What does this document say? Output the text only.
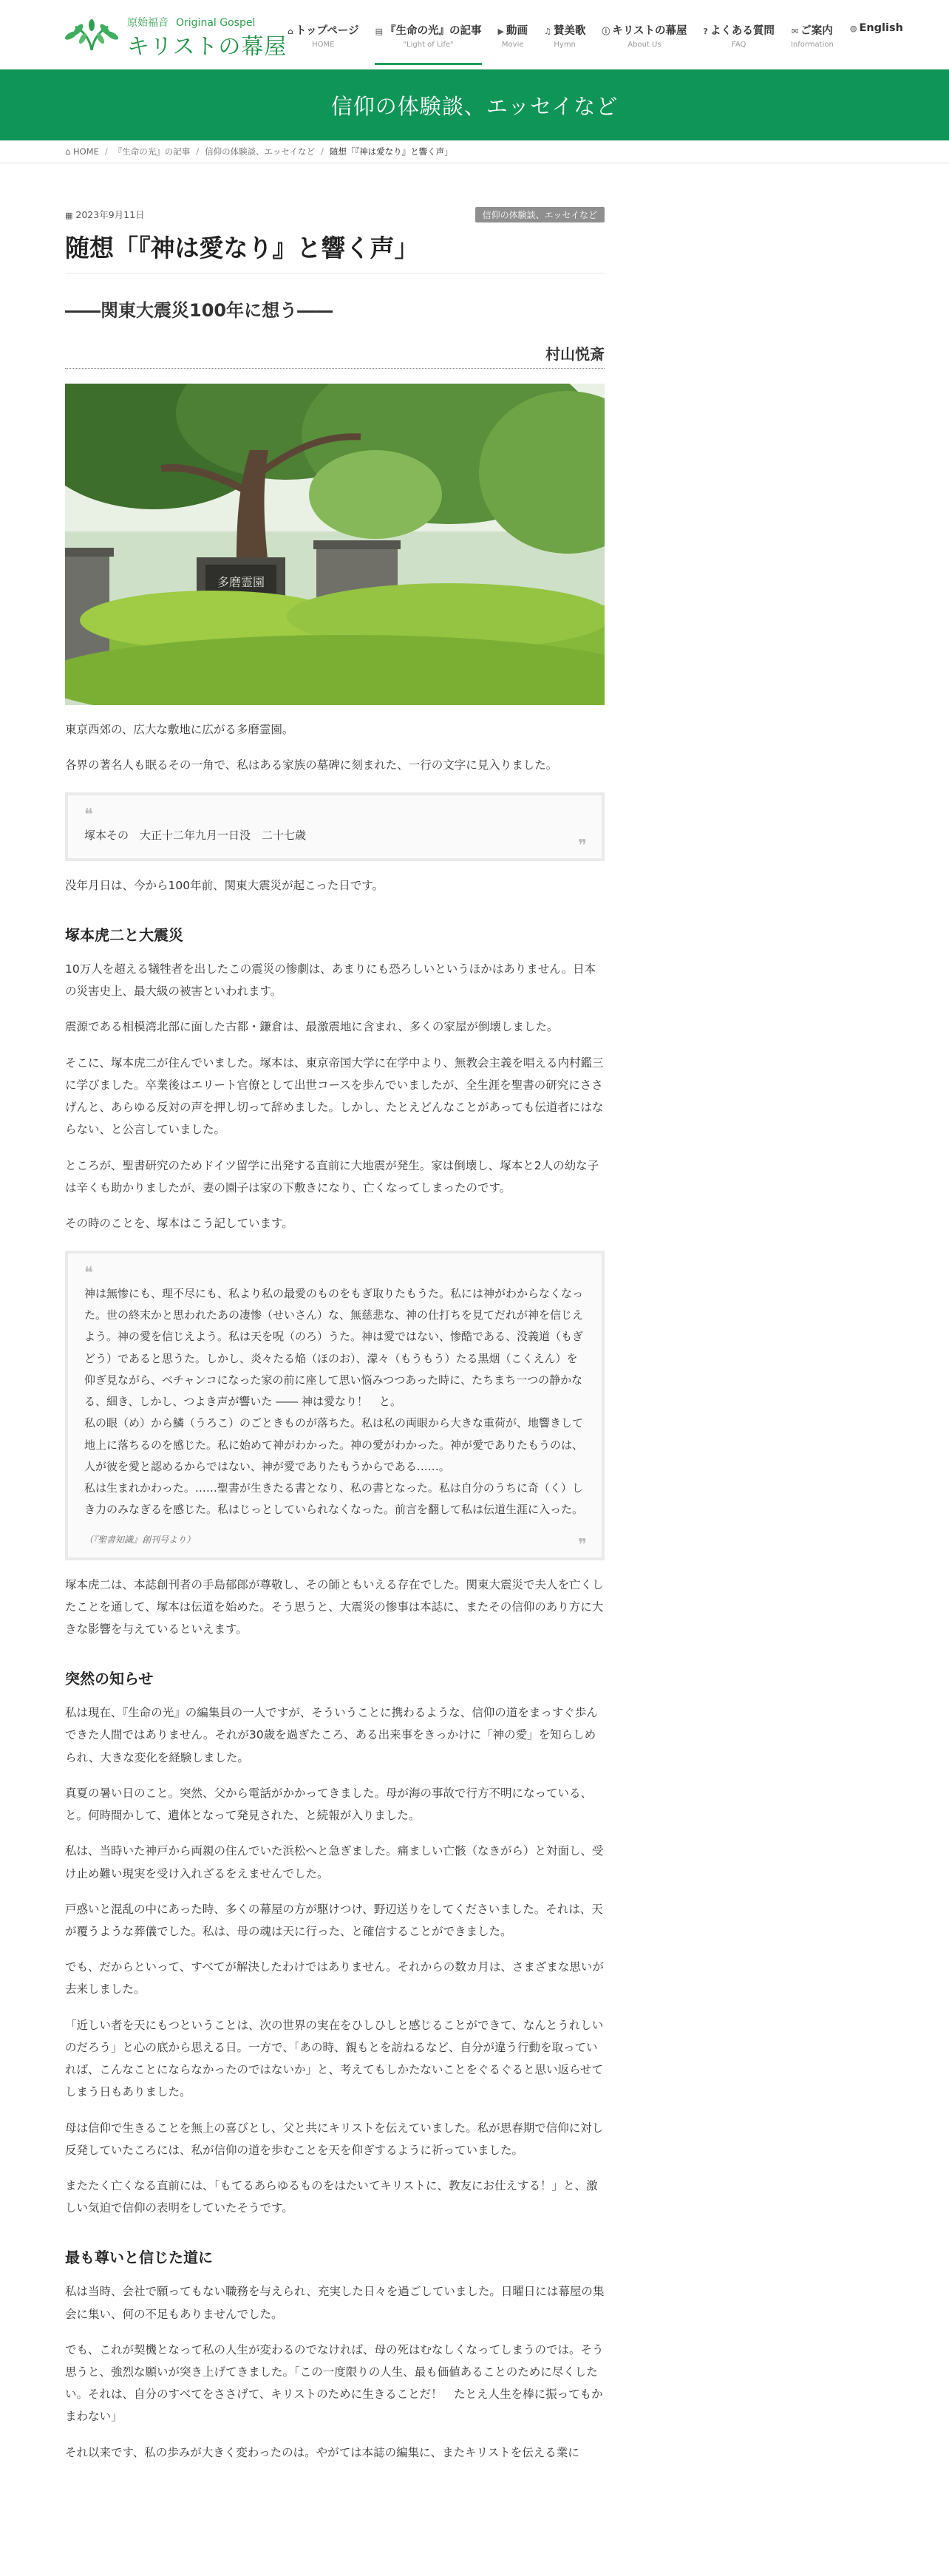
原始福音 Original Gospel
キリストの幕屋
⌂ トップページ
HOME
▤ 『生命の光』の記事
"Light of Life"
▶ 動画
Movie
♫ 賛美歌
Hymn
ⓘ キリストの幕屋
About Us
? よくある質問
FAQ
✉ ご案内
Information
◍ English
信仰の体験談、エッセイなど
⌂ HOME / 『生命の光』の記事 / 信仰の体験談、エッセイなど / 随想「『神は愛なり』と響く声」
▦ 2023年9月11日	信仰の体験談、エッセイなど
随想「『神は愛なり』と響く声」
――関東大震災100年に想う――
村山悦斎
多磨霊園

東京西郊の、広大な敷地に広がる多磨霊園。

各界の著名人も眠るその一角で、私はある家族の墓碑に刻まれた、一行の文字に見入りました。

❝
塚本その　大正十二年九月一日没　二十七歳
❞

没年月日は、今から100年前、関東大震災が起こった日です。

塚本虎二と大震災

10万人を超える犠牲者を出したこの震災の惨劇は、あまりにも恐ろしいというほかはありません。日本の災害史上、最大級の被害といわれます。

震源である相模湾北部に面した古都・鎌倉は、最激震地に含まれ、多くの家屋が倒壊しました。

そこに、塚本虎二が住んでいました。塚本は、東京帝国大学に在学中より、無教会主義を唱える内村鑑三に学びました。卒業後はエリート官僚として出世コースを歩んでいましたが、全生涯を聖書の研究にささげんと、あらゆる反対の声を押し切って辞めました。しかし、たとえどんなことがあっても伝道者にはならない、と公言していました。

ところが、聖書研究のためドイツ留学に出発する直前に大地震が発生。家は倒壊し、塚本と2人の幼な子は辛くも助かりましたが、妻の園子は家の下敷きになり、亡くなってしまったのです。

その時のことを、塚本はこう記しています。

❝
神は無惨にも、理不尽にも、私より私の最愛のものをもぎ取りたもうた。私には神がわからなくなった。世の終末かと思われたあの凄惨（せいさん）な、無慈悲な、神の仕打ちを見てだれが神を信じえよう。神の愛を信じえよう。私は天を呪（のろ）うた。神は愛ではない、惨酷である、没義道（もぎどう）であると思うた。しかし、炎々たる焔（ほのお）、濛々（もうもう）たる黒烟（こくえん）を仰ぎ見ながら、ベチャンコになった家の前に座して思い悩みつつあった時に、たちまち一つの静かなる、細き、しかし、つよき声が響いた ―― 神は愛なり！　と。
私の眼（め）から鱗（うろこ）のごときものが落ちた。私は私の両眼から大きな重荷が、地響きして地上に落ちるのを感じた。私に始めて神がわかった。神の愛がわかった。神が愛でありたもうのは、人が彼を愛と認めるからではない、神が愛でありたもうからである……。
私は生まれかわった。……聖書が生きたる書となり、私の書となった。私は自分のうちに奇（く）しき力のみなぎるを感じた。私はじっとしていられなくなった。前言を翻して私は伝道生涯に入った。
（『聖書知識』創刊号より）	❞

塚本虎二は、本誌創刊者の手島郁郎が尊敬し、その師ともいえる存在でした。関東大震災で夫人を亡くしたことを通して、塚本は伝道を始めた。そう思うと、大震災の惨事は本誌に、またその信仰のあり方に大きな影響を与えているといえます。

突然の知らせ

私は現在、『生命の光』の編集員の一人ですが、そういうことに携わるような、信仰の道をまっすぐ歩んできた人間ではありません。それが30歳を過ぎたころ、ある出来事をきっかけに「神の愛」を知らしめられ、大きな変化を経験しました。

真夏の暑い日のこと。突然、父から電話がかかってきました。母が海の事故で行方不明になっている、と。何時間かして、遺体となって発見された、と続報が入りました。

私は、当時いた神戸から両親の住んでいた浜松へと急ぎました。痛ましい亡骸（なきがら）と対面し、受け止め難い現実を受け入れざるをえませんでした。

戸惑いと混乱の中にあった時、多くの幕屋の方が駆けつけ、野辺送りをしてくださいました。それは、天が覆うような葬儀でした。私は、母の魂は天に行った、と確信することができました。

でも、だからといって、すべてが解決したわけではありません。それからの数カ月は、さまざまな思いが去来しました。

「近しい者を天にもつということは、次の世界の実在をひしひしと感じることができて、なんとうれしいのだろう」と心の底から思える日。一方で、「あの時、親もとを訪ねるなど、自分が違う行動を取っていれば、こんなことにならなかったのではないか」と、考えてもしかたないことをぐるぐると思い返らせてしまう日もありました。

母は信仰で生きることを無上の喜びとし、父と共にキリストを伝えていました。私が思春期で信仰に対し反発していたころには、私が信仰の道を歩むことを天を仰ぎするように祈っていました。

またたく亡くなる直前には、「もてるあらゆるものをはたいてキリストに、教友にお仕えする！」と、激しい気迫で信仰の表明をしていたそうです。

最も尊いと信じた道に

私は当時、会社で願ってもない職務を与えられ、充実した日々を過ごしていました。日曜日には幕屋の集会に集い、何の不足もありませんでした。

でも、これが契機となって私の人生が変わるのでなければ、母の死はむなしくなってしまうのでは。そう思うと、強烈な願いが突き上げてきました。「この一度限りの人生、最も価値あることのために尽くしたい。それは、自分のすべてをささげて、キリストのために生きることだ！　たとえ人生を棒に振ってもかまわない」

それ以来です、私の歩みが大きく変わったのは。やがては本誌の編集に、またキリストを伝える業に
